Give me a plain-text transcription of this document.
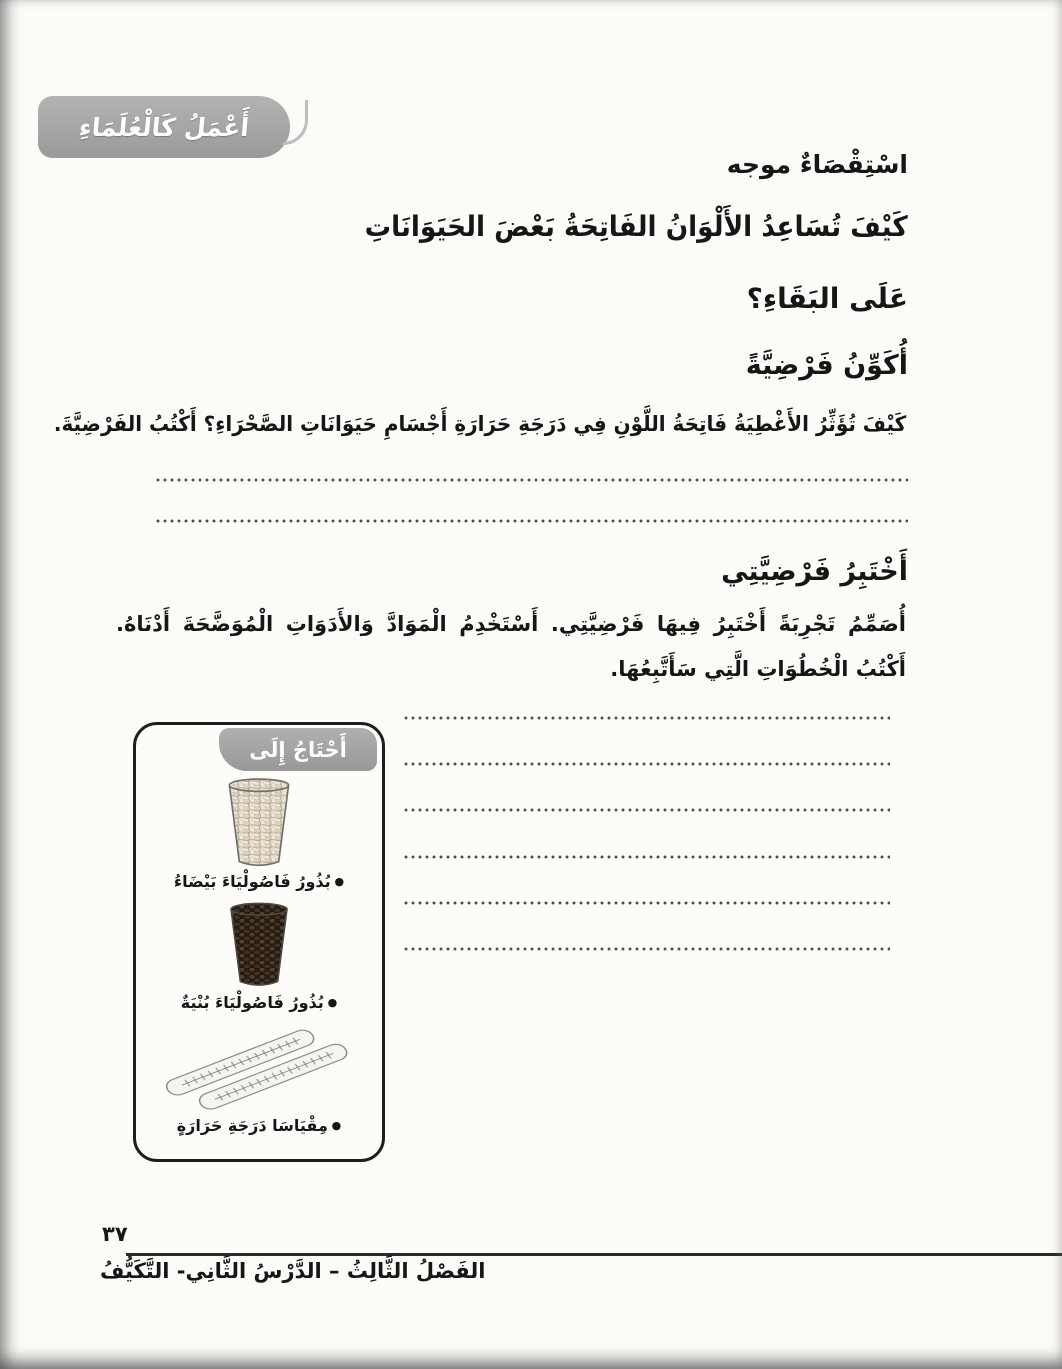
أَعْمَلُ كَالْعُلَمَاءِ
اسْتِقْصَاءٌ موجه
كَيْفَ تُسَاعِدُ الأَلْوَانُ الفَاتِحَةُ بَعْضَ الحَيَوَانَاتِ
عَلَى البَقَاءِ؟
أُكَوِّنُ فَرْضِيَّةً
كَيْفَ تُؤَثِّرُ الأَغْطِيَةُ فَاتِحَةُ اللَّوْنِ فِي دَرَجَةِ حَرَارَةِ أَجْسَامِ حَيَوَانَاتِ الصَّحْرَاءِ؟ أَكْتُبُ الفَرْضِيَّةَ.
أَخْتَبِرُ فَرْضِيَّتِي
أُصَمِّمُ تَجْرِبَةً أَخْتَبِرُ فِيهَا فَرْضِيَّتِي. أَسْتَخْدِمُ الْمَوَادَّ وَالأَدَوَاتِ الْمُوَضَّحَةَ أَدْنَاهُ. أَكْتُبُ الْخُطُوَاتِ الَّتِي سَأَتَّبِعُهَا.
أَحْتَاجُ إِلَى
● بُذُورُ فَاصُولْيَاءَ بَيْضَاءُ
● بُذُورُ فَاصُولْيَاءَ بُنْيَةٌ
● مِقْيَاسَا دَرَجَةِ حَرَارَةٍ
٣٧
الفَصْلُ الثَّالِثُ – الدَّرْسُ الثَّانِي- التَّكَيُّفُ
